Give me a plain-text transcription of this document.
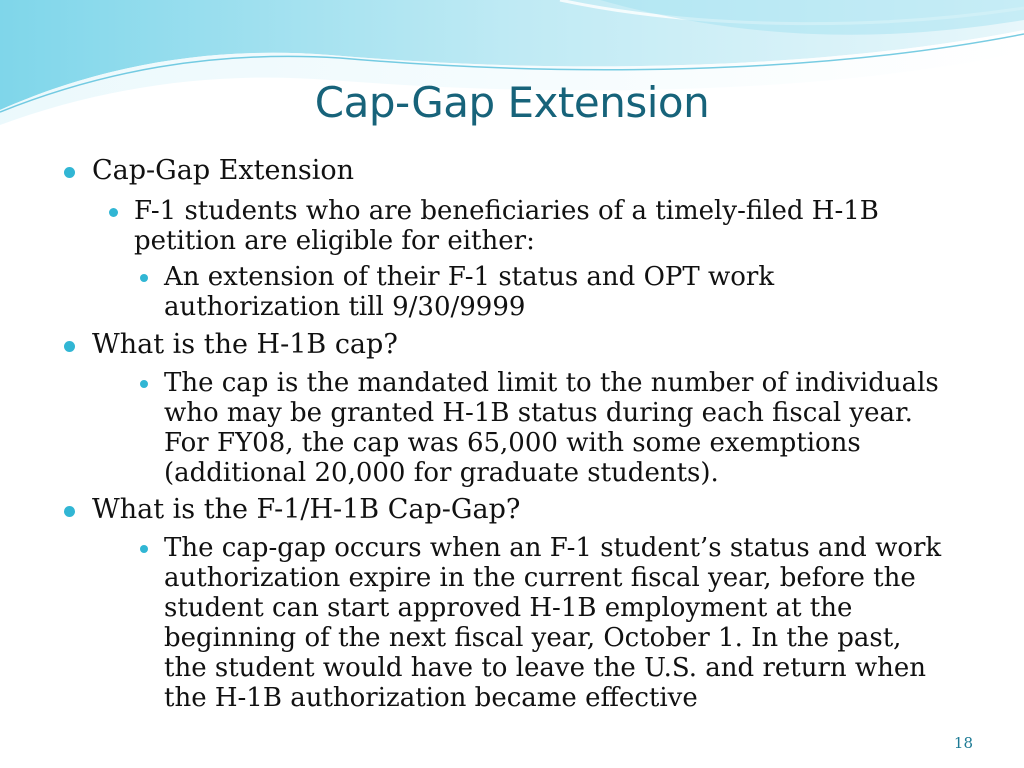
Cap-Gap Extension
Cap-Gap Extension
F-1 students who are beneficiaries of a timely-filed H-1B
petition are eligible for either:
An extension of their F-1 status and OPT work
authorization till 9/30/9999
What is the H-1B cap?
The cap is the mandated limit to the number of individuals
who may be granted H-1B status during each fiscal year.
For FY08, the cap was 65,000 with some exemptions
(additional 20,000 for graduate students).
What is the F-1/H-1B Cap-Gap?
The cap-gap occurs when an F-1 student’s status and work
authorization expire in the current fiscal year, before the
student can start approved H-1B employment at the
beginning of the next fiscal year, October 1. In the past,
the student would have to leave the U.S. and return when
the H-1B authorization became effective
18
